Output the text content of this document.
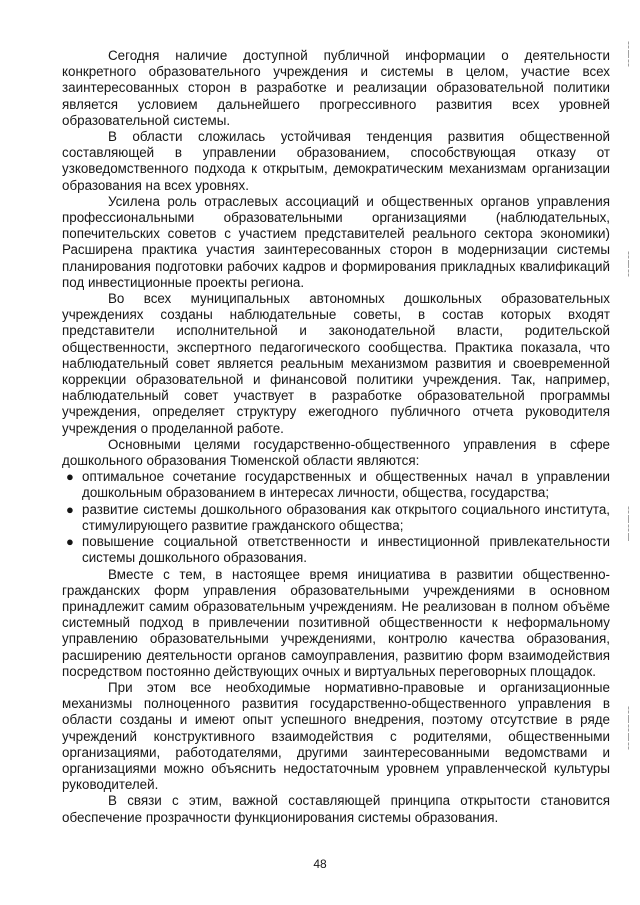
Сегодня наличие доступной публичной информации о деятельности конкретного образовательного учреждения и системы в целом, участие всех заинтересованных сторон в разработке и реализации образовательной политики является условием дальнейшего прогрессивного развития всех уровней образовательной системы.

В области сложилась устойчивая тенденция развития общественной составляющей в управлении образованием, способствующая отказу от узковедомственного подхода к открытым, демократическим механизмам организации образования на всех уровнях.

Усилена роль отраслевых ассоциаций и общественных органов управления профессиональными образовательными организациями (наблюдательных, попечительских советов с участием представителей реального сектора экономики) Расширена практика участия заинтересованных сторон в модернизации системы планирования подготовки рабочих кадров и формирования прикладных квалификаций под инвестиционные проекты региона.

Во всех муниципальных автономных дошкольных образовательных учреждениях созданы наблюдательные советы, в состав которых входят представители исполнительной и законодательной власти, родительской общественности, экспертного педагогического сообщества. Практика показала, что наблюдательный совет является реальным механизмом развития и своевременной коррекции образовательной и финансовой политики учреждения. Так, например, наблюдательный совет участвует в разработке образовательной программы учреждения, определяет структуру ежегодного публичного отчета руководителя учреждения о проделанной работе.

Основными целями государственно-общественного управления в сфере дошкольного образования Тюменской области являются:

● оптимальное сочетание государственных и общественных начал в управлении дошкольным образованием в интересах личности, общества, государства;
● развитие системы дошкольного образования как открытого социального института, стимулирующего развитие гражданского общества;
● повышение социальной ответственности и инвестиционной привлекательности системы дошкольного образования.

Вместе с тем, в настоящее время инициатива в развитии общественно-гражданских форм управления образовательными учреждениями в основном принадлежит самим образовательным учреждениям. Не реализован в полном объёме системный подход в привлечении позитивной общественности к неформальному управлению образовательными учреждениями, контролю качества образования, расширению деятельности органов самоуправления, развитию форм взаимодействия посредством постоянно действующих очных и виртуальных переговорных площадок.

При этом все необходимые нормативно-правовые и организационные механизмы полноценного развития государственно-общественного управления в области созданы и имеют опыт успешного внедрения, поэтому отсутствие в ряде учреждений конструктивного взаимодействия с родителями, общественными организациями, работодателями, другими заинтересованными ведомствами и организациями можно объяснить недостаточным уровнем управленческой культуры руководителей.

В связи с этим, важной составляющей принципа открытости становится обеспечение прозрачности функционирования системы образования.

48
¦
|
¦
¦
|
¦
¦
|
¦
|
¦
|
¦
|
¦
